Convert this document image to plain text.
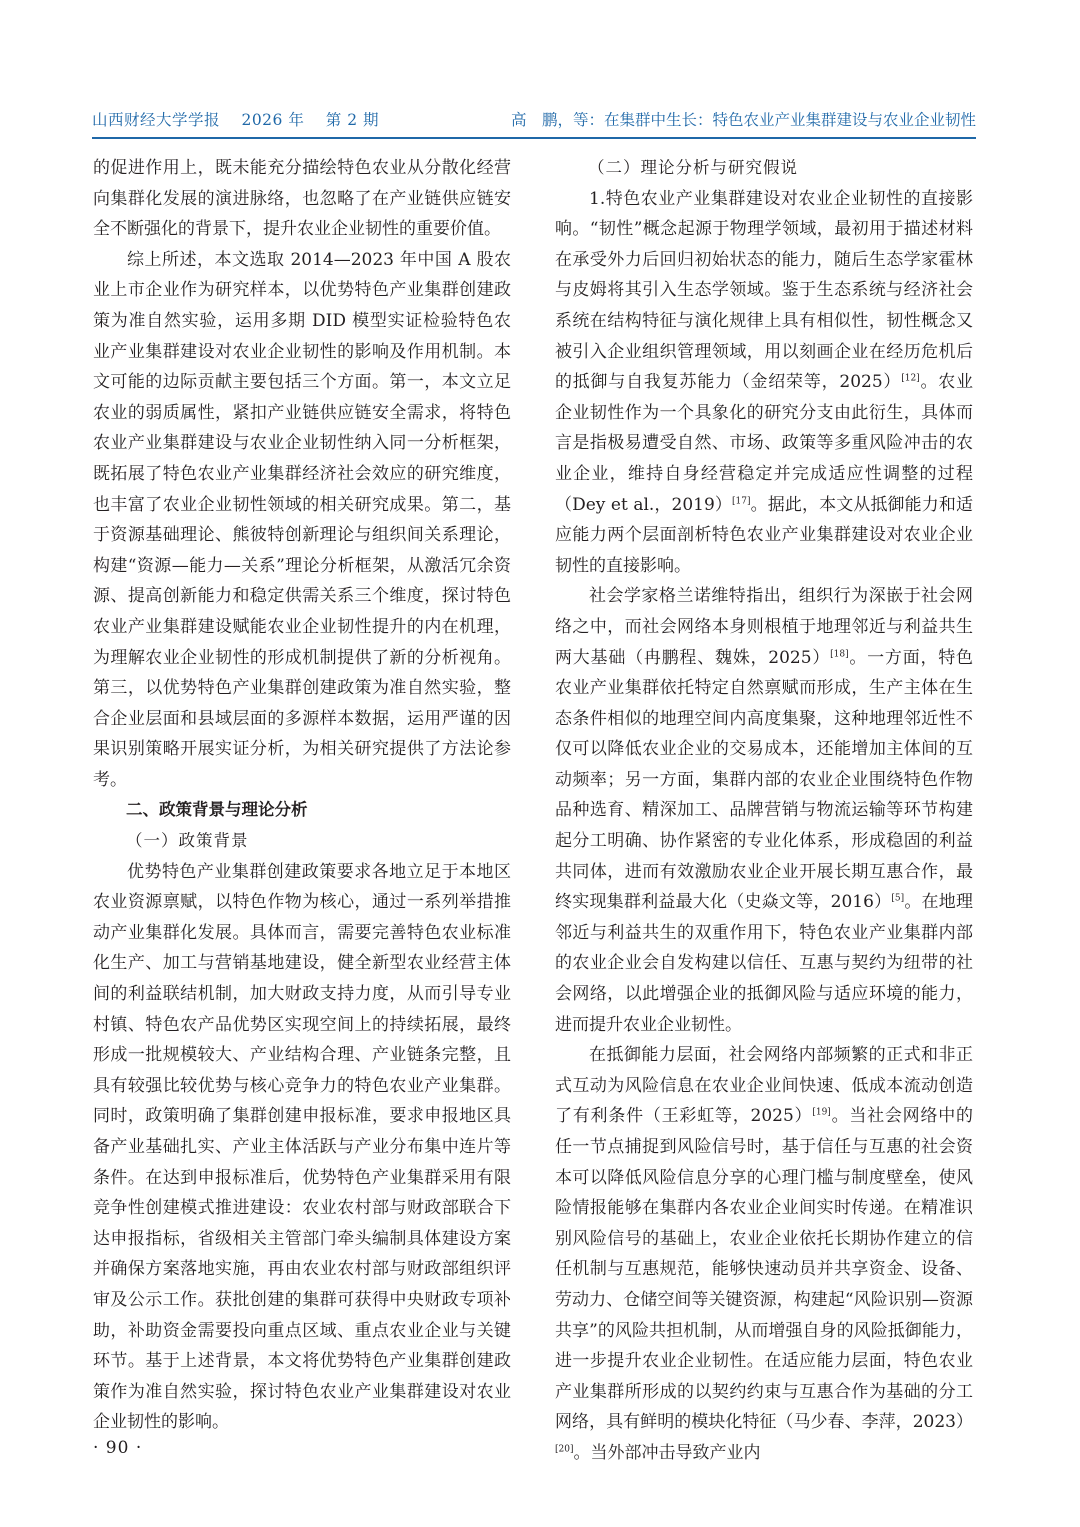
山西财经大学学报 2026 年 第 2 期	高　鹏，等：在集群中生长：特色农业产业集群建设与农业企业韧性

的促进作用上，既未能充分描绘特色农业从分散化经营向集群化发展的演进脉络，也忽略了在产业链供应链安全不断强化的背景下，提升农业企业韧性的重要价值。

综上所述，本文选取 2014—2023 年中国 A 股农业上市企业作为研究样本，以优势特色产业集群创建政策为准自然实验，运用多期 DID 模型实证检验特色农业产业集群建设对农业企业韧性的影响及作用机制。本文可能的边际贡献主要包括三个方面。第一，本文立足农业的弱质属性，紧扣产业链供应链安全需求，将特色农业产业集群建设与农业企业韧性纳入同一分析框架，既拓展了特色农业产业集群经济社会效应的研究维度，也丰富了农业企业韧性领域的相关研究成果。第二，基于资源基础理论、熊彼特创新理论与组织间关系理论，构建“资源—能力—关系”理论分析框架，从激活冗余资源、提高创新能力和稳定供需关系三个维度，探讨特色农业产业集群建设赋能农业企业韧性提升的内在机理，为理解农业企业韧性的形成机制提供了新的分析视角。第三，以优势特色产业集群创建政策为准自然实验，整合企业层面和县域层面的多源样本数据，运用严谨的因果识别策略开展实证分析，为相关研究提供了方法论参考。

二、政策背景与理论分析

（一）政策背景

优势特色产业集群创建政策要求各地立足于本地区农业资源禀赋，以特色作物为核心，通过一系列举措推动产业集群化发展。具体而言，需要完善特色农业标准化生产、加工与营销基地建设，健全新型农业经营主体间的利益联结机制，加大财政支持力度，从而引导专业村镇、特色农产品优势区实现空间上的持续拓展，最终形成一批规模较大、产业结构合理、产业链条完整，且具有较强比较优势与核心竞争力的特色农业产业集群。同时，政策明确了集群创建申报标准，要求申报地区具备产业基础扎实、产业主体活跃与产业分布集中连片等条件。在达到申报标准后，优势特色产业集群采用有限竞争性创建模式推进建设：农业农村部与财政部联合下达申报指标，省级相关主管部门牵头编制具体建设方案并确保方案落地实施，再由农业农村部与财政部组织评审及公示工作。获批创建的集群可获得中央财政专项补助，补助资金需要投向重点区域、重点农业企业与关键环节。基于上述背景，本文将优势特色产业集群创建政策作为准自然实验，探讨特色农业产业集群建设对农业企业韧性的影响。

（二）理论分析与研究假说

1.特色农业产业集群建设对农业企业韧性的直接影响。“韧性”概念起源于物理学领域，最初用于描述材料在承受外力后回归初始状态的能力，随后生态学家霍林与皮姆将其引入生态学领域。鉴于生态系统与经济社会系统在结构特征与演化规律上具有相似性，韧性概念又被引入企业组织管理领域，用以刻画企业在经历危机后的抵御与自我复苏能力（金绍荣等，2025）[12]。农业企业韧性作为一个具象化的研究分支由此衍生，具体而言是指极易遭受自然、市场、政策等多重风险冲击的农业企业，维持自身经营稳定并完成适应性调整的过程（Dey et al.，2019）[17]。据此，本文从抵御能力和适应能力两个层面剖析特色农业产业集群建设对农业企业韧性的直接影响。

社会学家格兰诺维特指出，组织行为深嵌于社会网络之中，而社会网络本身则根植于地理邻近与利益共生两大基础（冉鹏程、魏姝，2025）[18]。一方面，特色农业产业集群依托特定自然禀赋而形成，生产主体在生态条件相似的地理空间内高度集聚，这种地理邻近性不仅可以降低农业企业的交易成本，还能增加主体间的互动频率；另一方面，集群内部的农业企业围绕特色作物品种选育、精深加工、品牌营销与物流运输等环节构建起分工明确、协作紧密的专业化体系，形成稳固的利益共同体，进而有效激励农业企业开展长期互惠合作，最终实现集群利益最大化（史焱文等，2016）[5]。在地理邻近与利益共生的双重作用下，特色农业产业集群内部的农业企业会自发构建以信任、互惠与契约为纽带的社会网络，以此增强企业的抵御风险与适应环境的能力，进而提升农业企业韧性。

在抵御能力层面，社会网络内部频繁的正式和非正式互动为风险信息在农业企业间快速、低成本流动创造了有利条件（王彩虹等，2025）[19]。当社会网络中的任一节点捕捉到风险信号时，基于信任与互惠的社会资本可以降低风险信息分享的心理门槛与制度壁垒，使风险情报能够在集群内各农业企业间实时传递。在精准识别风险信号的基础上，农业企业依托长期协作建立的信任机制与互惠规范，能够快速动员并共享资金、设备、劳动力、仓储空间等关键资源，构建起“风险识别—资源共享”的风险共担机制，从而增强自身的风险抵御能力，进一步提升农业企业韧性。在适应能力层面，特色农业产业集群所形成的以契约约束与互惠合作为基础的分工网络，具有鲜明的模块化特征（马少春、李萍，2023）[20]。当外部冲击导致产业内

· 90 ·
